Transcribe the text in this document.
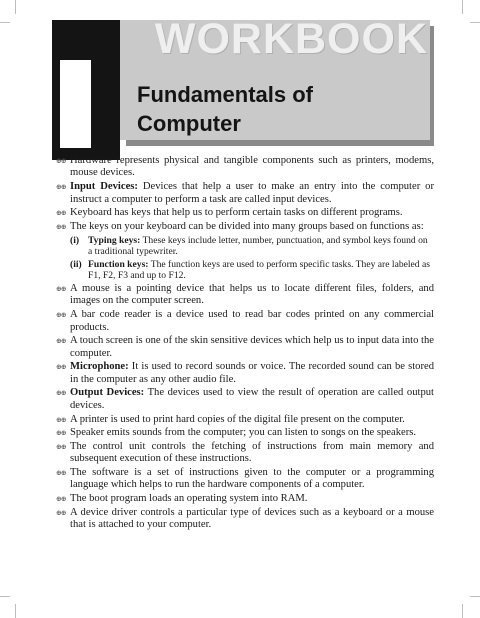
WORKBOOK
Fundamentals of
Computer
⊕⊕ Hardware represents physical and tangible components such as printers, modems, mouse devices.
⊕⊕ Input Devices: Devices that help a user to make an entry into the computer or instruct a computer to perform a task are called input devices.
⊕⊕ Keyboard has keys that help us to perform certain tasks on different programs.
⊕⊕ The keys on your keyboard can be divided into many groups based on functions as:
(i) Typing keys: These keys include letter, number, punctuation, and symbol keys found on a traditional typewriter.
(ii) Function keys: The function keys are used to perform specific tasks. They are labeled as F1, F2, F3 and up to F12.
⊕⊕ A mouse is a pointing device that helps us to locate different files, folders, and images on the computer screen.
⊕⊕ A bar code reader is a device used to read bar codes printed on any commercial products.
⊕⊕ A touch screen is one of the skin sensitive devices which help us to input data into the computer.
⊕⊕ Microphone: It is used to record sounds or voice. The recorded sound can be stored in the computer as any other audio file.
⊕⊕ Output Devices: The devices used to view the result of operation are called output devices.
⊕⊕ A printer is used to print hard copies of the digital file present on the computer.
⊕⊕ Speaker emits sounds from the computer; you can listen to songs on the speakers.
⊕⊕ The control unit controls the fetching of instructions from main memory and subsequent execution of these instructions.
⊕⊕ The software is a set of instructions given to the computer or a programming language which helps to run the hardware components of a computer.
⊕⊕ The boot program loads an operating system into RAM.
⊕⊕ A device driver controls a particular type of devices such as a keyboard or a mouse that is attached to your computer.
